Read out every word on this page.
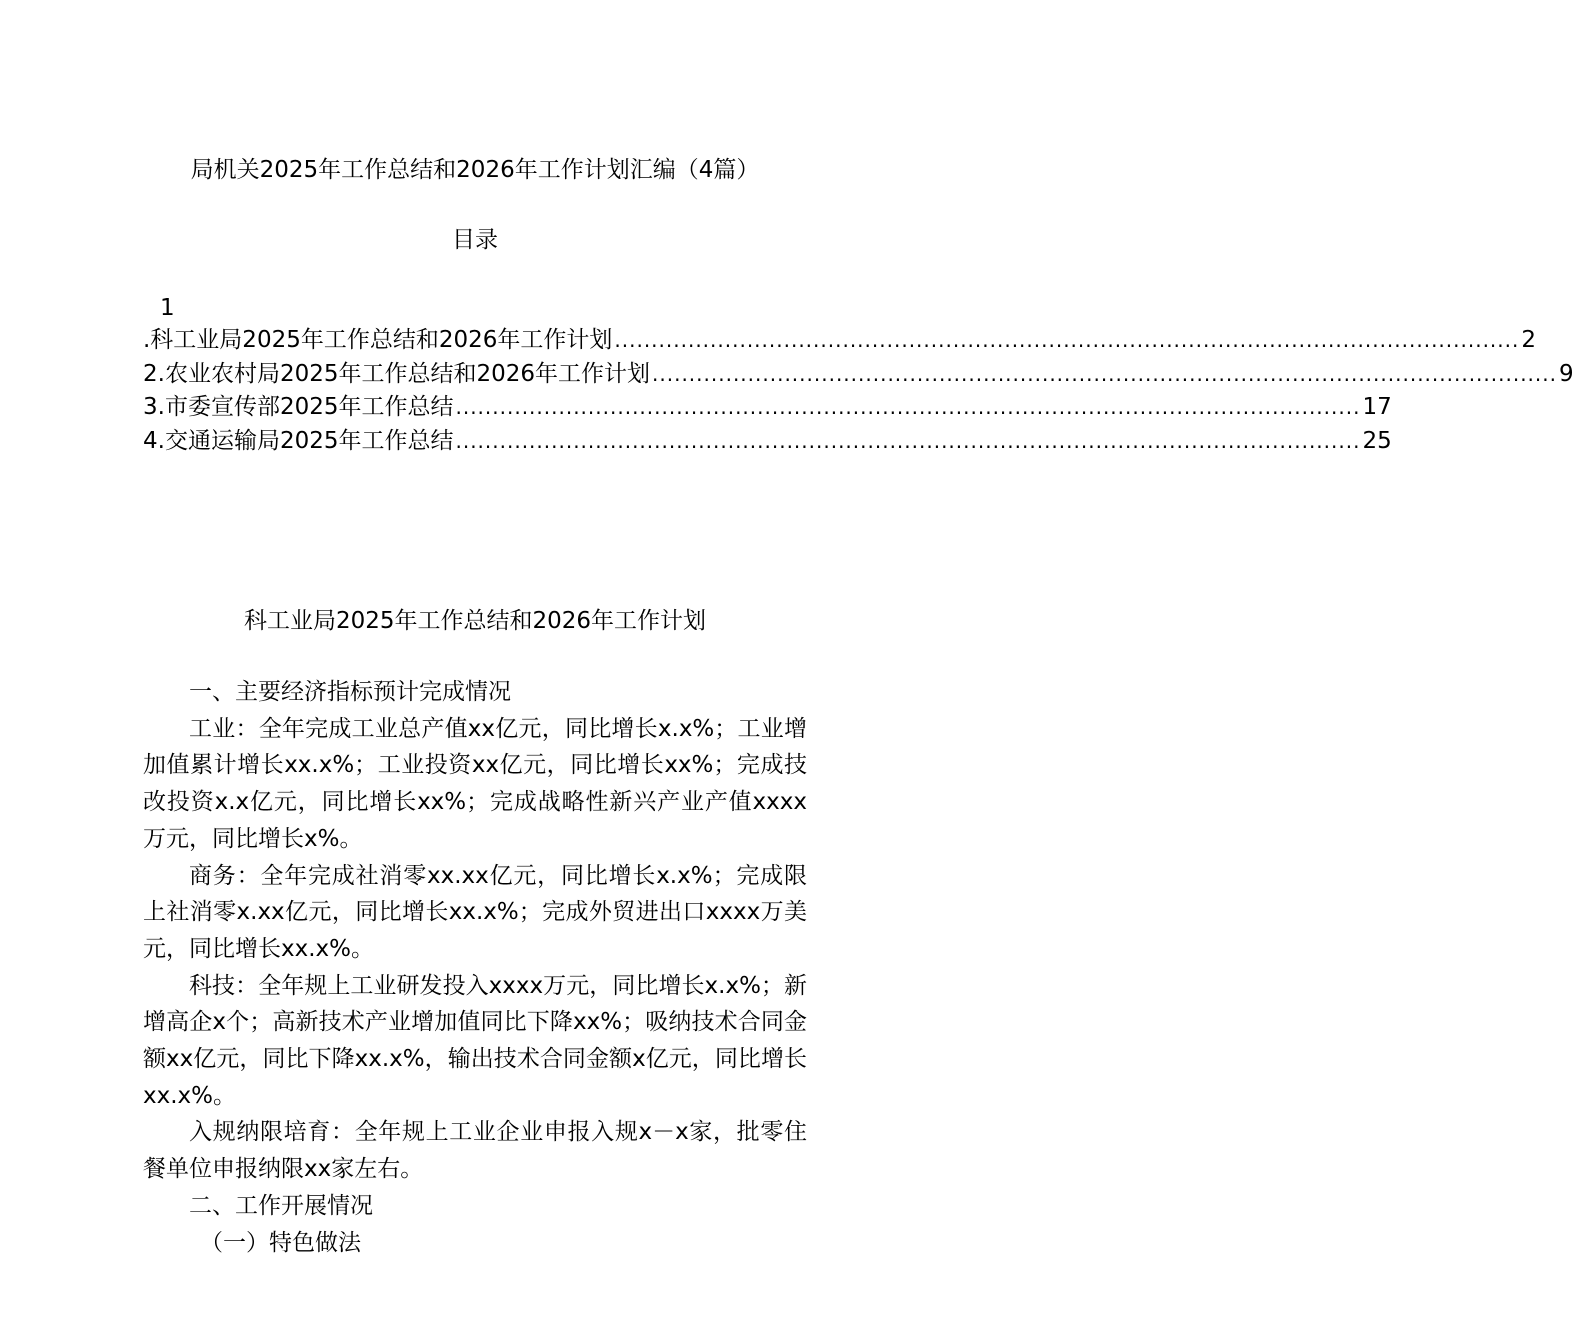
局机关2025年工作总结和2026年工作计划汇编（4篇）
目录
1
.科工业局2025年工作总结和2026年工作计划 ........................................................................................................................... 2
2.农业农村局2025年工作总结和2026年工作计划 ........................................................................................................................... 9
3.市委宣传部2025年工作总结 ........................................................................................................................... 17
4.交通运输局2025年工作总结 ........................................................................................................................... 25
科工业局2025年工作总结和2026年工作计划

一、主要经济指标预计完成情况

工业：全年完成工业总产值xx亿元，同比增长x.x%；工业增加值累计增长xx.x%；工业投资xx亿元，同比增长xx%；完成技改投资x.x亿元，同比增长xx%；完成战略性新兴产业产值xxxx万元，同比增长x%。

商务：全年完成社消零xx.xx亿元，同比增长x.x%；完成限上社消零x.xx亿元，同比增长xx.x%；完成外贸进出口xxxx万美元，同比增长xx.x%。

科技：全年规上工业研发投入xxxx万元，同比增长x.x%；新增高企x个；高新技术产业增加值同比下降xx%；吸纳技术合同金额xx亿元，同比下降xx.x%，输出技术合同金额x亿元，同比增长xx.x%。

入规纳限培育：全年规上工业企业申报入规x－x家，批零住餐单位申报纳限xx家左右。

二、工作开展情况

（一）特色做法
